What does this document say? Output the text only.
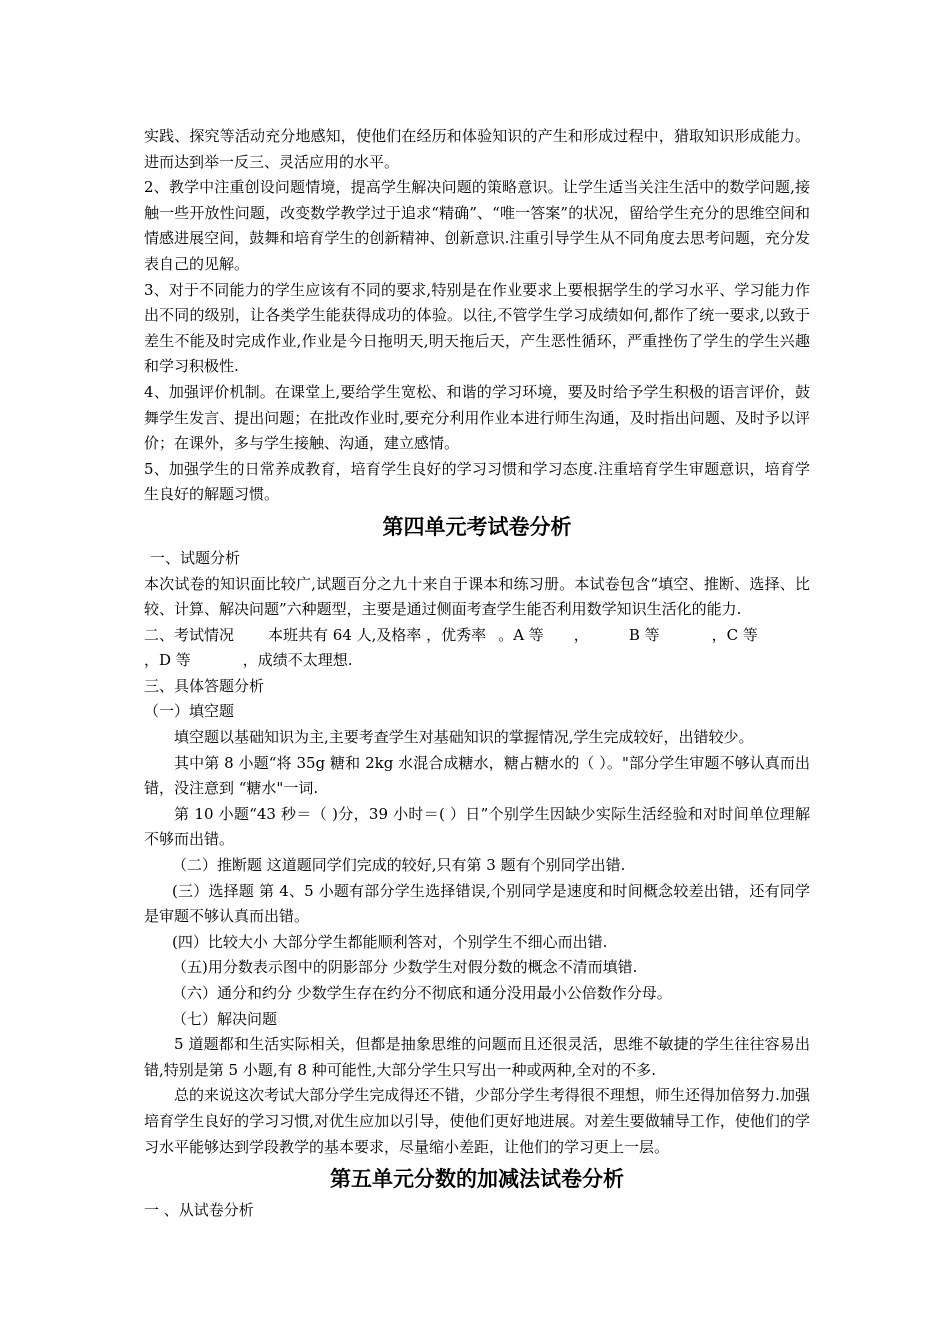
实践、探究等活动充分地感知，使他们在经历和体验知识的产生和形成过程中，猎取知识形成能力。进而达到举一反三、灵活应用的水平。

2、教学中注重创设问题情境，提高学生解决问题的策略意识。让学生适当关注生活中的数学问题,接触一些开放性问题，改变数学教学过于追求“精确”、“唯一答案”的状况，留给学生充分的思维空间和情感进展空间，鼓舞和培育学生的创新精神、创新意识.注重引导学生从不同角度去思考问题，充分发表自己的见解。

3、对于不同能力的学生应该有不同的要求,特别是在作业要求上要根据学生的学习水平、学习能力作出不同的级别，让各类学生能获得成功的体验。以往,不管学生学习成绩如何,都作了统一要求,以致于差生不能及时完成作业,作业是今日拖明天,明天拖后天，产生恶性循环，严重挫伤了学生的学生兴趣和学习积极性.

4、加强评价机制。在课堂上,要给学生宽松、和谐的学习环境，要及时给予学生积极的语言评价，鼓舞学生发言、提出问题；在批改作业时,要充分利用作业本进行师生沟通，及时指出问题、及时予以评价；在课外，多与学生接触、沟通，建立感情。

5、加强学生的日常养成教育，培育学生良好的学习习惯和学习态度.注重培育学生审题意识，培育学生良好的解题习惯。

第四单元考试卷分析

一、试题分析

本次试卷的知识面比较广,试题百分之九十来自于课本和练习册。本试卷包含“填空、推断、选择、比较、计算、解决问题”六种题型，主要是通过侧面考查学生能否利用数学知识生活化的能力.

二、考试情况 本班共有 64 人,及格率 ，优秀率 。A 等 ，	B 等	，C 等
，D 等	，成绩不太理想.

三、具体答题分析

（一）填空题

填空题以基础知识为主,主要考查学生对基础知识的掌握情况,学生完成较好，出错较少。

其中第 8 小题“将 35g 糖和 2kg 水混合成糖水，糖占糖水的（ ）。"部分学生审题不够认真而出错，没注意到 “糖水"一词.

第 10 小题“43 秒＝（ )分，39 小时＝( ）日”个别学生因缺少实际生活经验和对时间单位理解不够而出错。

（二）推断题 这道题同学们完成的较好,只有第 3 题有个别同学出错.

(三）选择题 第 4、5 小题有部分学生选择错误,个别同学是速度和时间概念较差出错，还有同学是审题不够认真而出错。

(四）比较大小 大部分学生都能顺利答对，个别学生不细心而出错.

（五)用分数表示图中的阴影部分 少数学生对假分数的概念不清而填错.

（六）通分和约分 少数学生存在约分不彻底和通分没用最小公倍数作分母。

（七）解决问题

5 道题都和生活实际相关，但都是抽象思维的问题而且还很灵活，思维不敏捷的学生往往容易出错,特别是第 5 小题,有 8 种可能性,大部分学生只写出一种或两种,全对的不多.

总的来说这次考试大部分学生完成得还不错，少部分学生考得很不理想，师生还得加倍努力.加强培育学生良好的学习习惯,对优生应加以引导，使他们更好地进展。对差生要做辅导工作，使他们的学习水平能够达到学段教学的基本要求，尽量缩小差距，让他们的学习更上一层。

第五单元分数的加减法试卷分析

一 、从试卷分析
